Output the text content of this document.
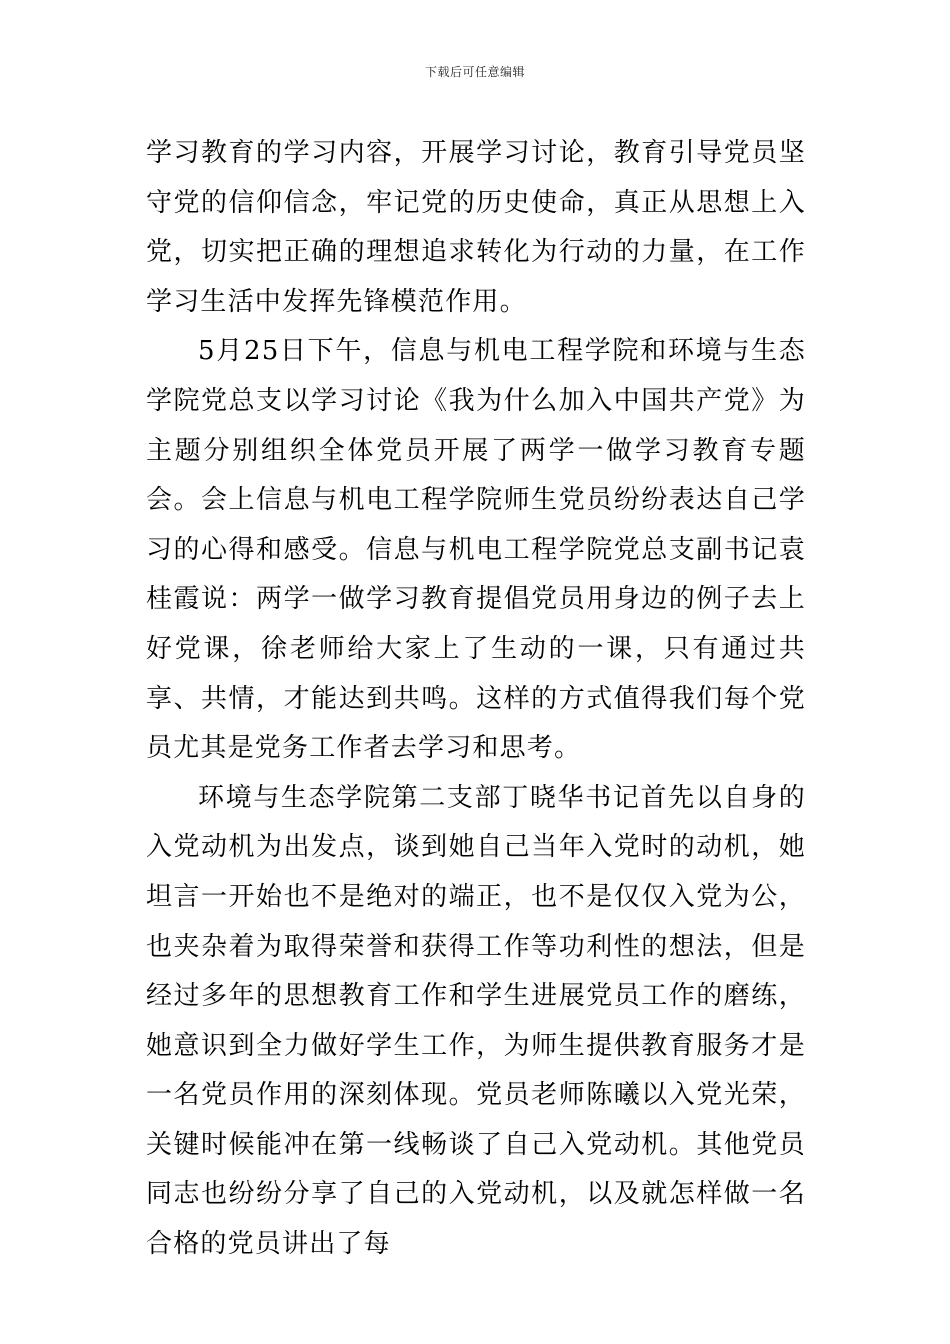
下载后可任意编辑

学习教育的学习内容，开展学习讨论，教育引导党员坚守党的信仰信念，牢记党的历史使命，真正从思想上入党，切实把正确的理想追求转化为行动的力量，在工作学习生活中发挥先锋模范作用。

5月25日下午，信息与机电工程学院和环境与生态学院党总支以学习讨论《我为什么加入中国共产党》为主题分别组织全体党员开展了两学一做学习教育专题会。会上信息与机电工程学院师生党员纷纷表达自己学习的心得和感受。信息与机电工程学院党总支副书记袁桂霞说：两学一做学习教育提倡党员用身边的例子去上好党课，徐老师给大家上了生动的一课，只有通过共享、共情，才能达到共鸣。这样的方式值得我们每个党员尤其是党务工作者去学习和思考。

环境与生态学院第二支部丁晓华书记首先以自身的入党动机为出发点，谈到她自己当年入党时的动机，她坦言一开始也不是绝对的端正，也不是仅仅入党为公，也夹杂着为取得荣誉和获得工作等功利性的想法，但是经过多年的思想教育工作和学生进展党员工作的磨练，她意识到全力做好学生工作，为师生提供教育服务才是一名党员作用的深刻体现。党员老师陈曦以入党光荣，关键时候能冲在第一线畅谈了自己入党动机。其他党员同志也纷纷分享了自己的入党动机，以及就怎样做一名合格的党员讲出了每
